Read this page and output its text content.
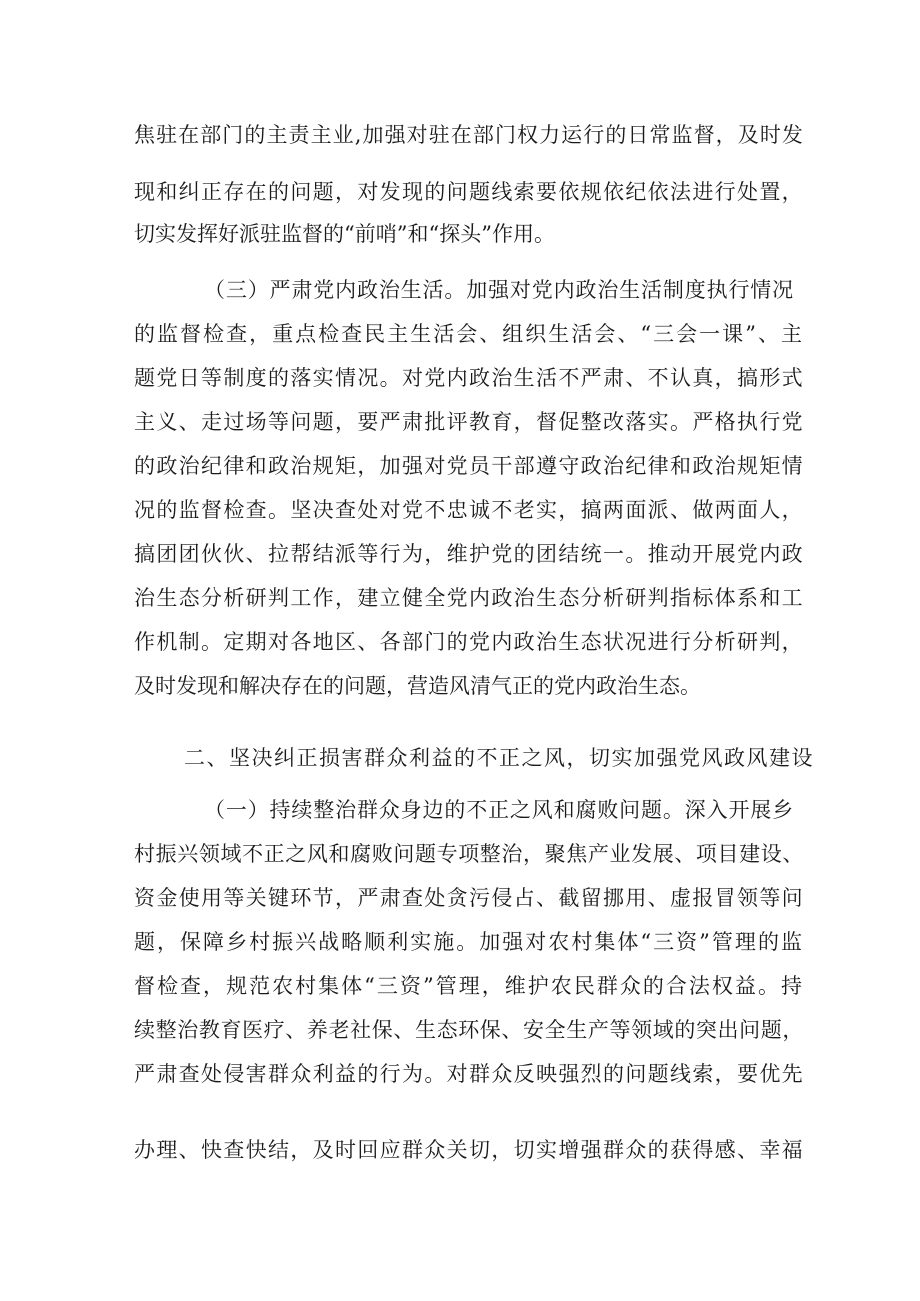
焦驻在部门的主责主业,加强对驻在部门权力运行的日常监督，及时发
现和纠正存在的问题，对发现的问题线索要依规依纪依法进行处置，
切实发挥好派驻监督的“前哨”和“探头”作用。
（三）严肃党内政治生活。加强对党内政治生活制度执行情况
的监督检查，重点检查民主生活会、组织生活会、“三会一课”、主
题党日等制度的落实情况。对党内政治生活不严肃、不认真，搞形式
主义、走过场等问题，要严肃批评教育，督促整改落实。严格执行党
的政治纪律和政治规矩，加强对党员干部遵守政治纪律和政治规矩情
况的监督检查。坚决查处对党不忠诚不老实，搞两面派、做两面人，
搞团团伙伙、拉帮结派等行为，维护党的团结统一。推动开展党内政
治生态分析研判工作，建立健全党内政治生态分析研判指标体系和工
作机制。定期对各地区、各部门的党内政治生态状况进行分析研判，
及时发现和解决存在的问题，营造风清气正的党内政治生态。
二、坚决纠正损害群众利益的不正之风，切实加强党风政风建设
（一）持续整治群众身边的不正之风和腐败问题。深入开展乡
村振兴领域不正之风和腐败问题专项整治，聚焦产业发展、项目建设、
资金使用等关键环节，严肃查处贪污侵占、截留挪用、虚报冒领等问
题，保障乡村振兴战略顺利实施。加强对农村集体“三资”管理的监
督检查，规范农村集体“三资”管理，维护农民群众的合法权益。持
续整治教育医疗、养老社保、生态环保、安全生产等领域的突出问题，
严肃查处侵害群众利益的行为。对群众反映强烈的问题线索，要优先
办理、快查快结，及时回应群众关切，切实增强群众的获得感、幸福
